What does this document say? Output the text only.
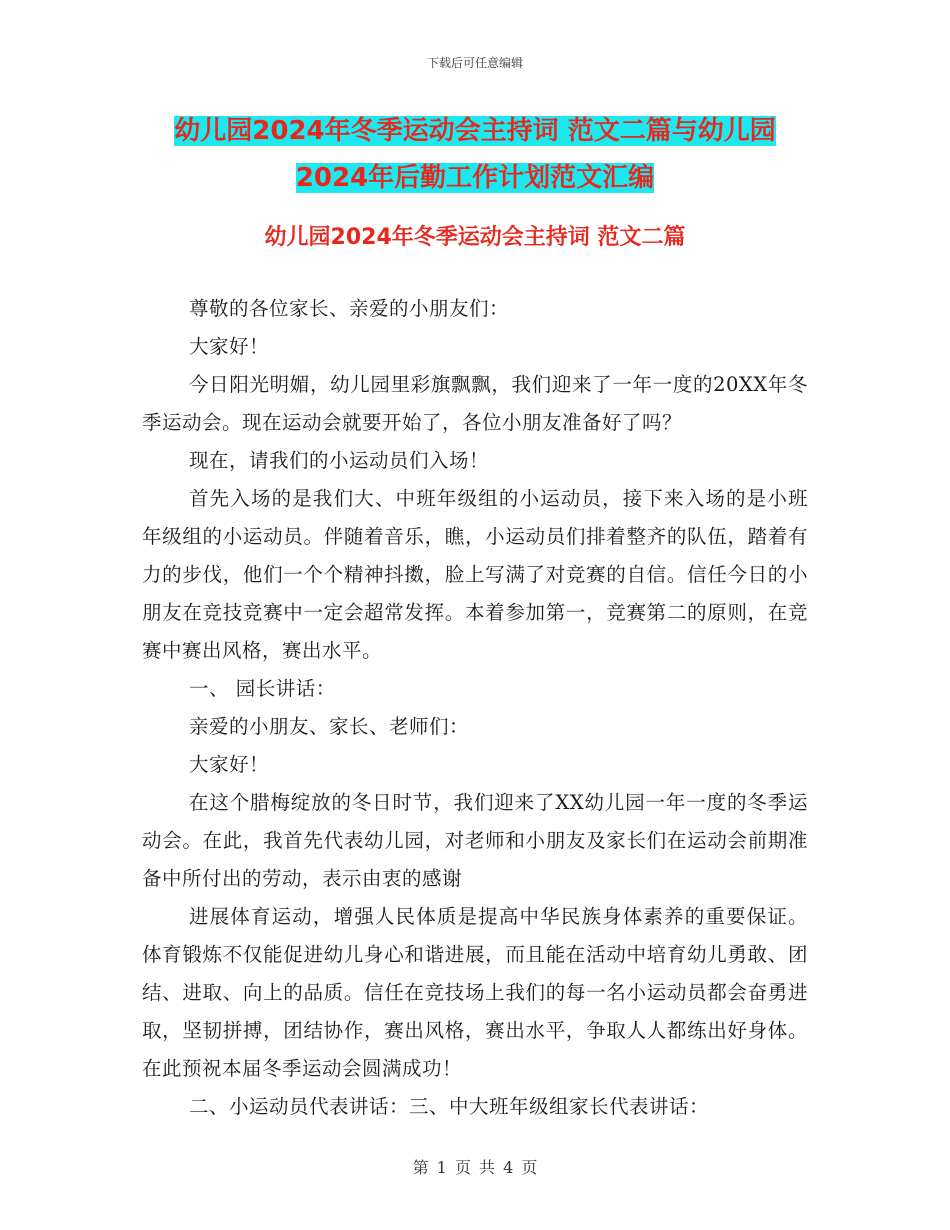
下载后可任意编辑
幼儿园2024年冬季运动会主持词 范文二篇与幼儿园
2024年后勤工作计划范文汇编
幼儿园2024年冬季运动会主持词 范文二篇

尊敬的各位家长、亲爱的小朋友们：

大家好！

今日阳光明媚，幼儿园里彩旗飘飘，我们迎来了一年一度的20XX年冬季运动会。现在运动会就要开始了，各位小朋友准备好了吗？

现在，请我们的小运动员们入场！

首先入场的是我们大、中班年级组的小运动员，接下来入场的是小班年级组的小运动员。伴随着音乐，瞧，小运动员们排着整齐的队伍，踏着有力的步伐，他们一个个精神抖擞，脸上写满了对竞赛的自信。信任今日的小朋友在竞技竞赛中一定会超常发挥。本着参加第一，竞赛第二的原则，在竞赛中赛出风格，赛出水平。

一、 园长讲话：

亲爱的小朋友、家长、老师们：

大家好！

在这个腊梅绽放的冬日时节，我们迎来了XX幼儿园一年一度的冬季运动会。在此，我首先代表幼儿园，对老师和小朋友及家长们在运动会前期准备中所付出的劳动，表示由衷的感谢

进展体育运动，增强人民体质是提高中华民族身体素养的重要保证。体育锻炼不仅能促进幼儿身心和谐进展，而且能在活动中培育幼儿勇敢、团结、进取、向上的品质。信任在竞技场上我们的每一名小运动员都会奋勇进取，坚韧拼搏，团结协作，赛出风格，赛出水平，争取人人都练出好身体。在此预祝本届冬季运动会圆满成功！

二、小运动员代表讲话：三、中大班年级组家长代表讲话：

第 1 页 共 4 页
